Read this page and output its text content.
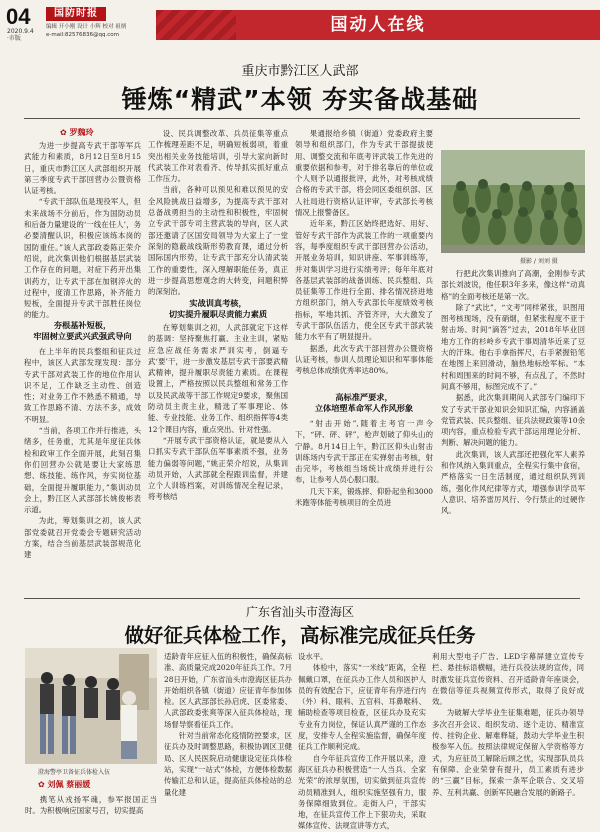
04
2020.9.4
·市版
国防时报
编辑 开小刚 设计 小辉 校对 祖炳
e-mail:82576836@qq.com	国动人在线
重庆市黔江区人武部
锤炼“精武”本领 夯实备战基础
✿ 罗魏玲

为进一步提高专武干部等军兵武能力和素质，8月12日至8月15日，重庆市黔江区人武部组织开展第三季度专武干部回营办公暨资格认证考核。

“专武干部队伍是现役军人，但未来战场不分前后，作为国防动员和后备力量建设的‘一线在任人’，务必要清醒认识，积极应该练本岗的国防重任。”该人武部政委陈正荣介绍说，此次集训他们根据基层武装工作存在的问题，对症下药开出集训药方，让专武干部在加钢淬火的过程中，度清工作思路，补齐能力短板，全面提升专武干部胜任岗位的能力。

夯根基补短板，
牢固树立要武兴武强武导向

在上半年的民兵整组和征兵过程中，该区人武部发现发现：部分专武干部对武装工作的地位作用认识不足，工作缺乏主动性、创造性；对业务工作不熟悉不精通，导致工作思路不清、方法不多，成效不明显。

“当前，各项工作并行推进，头绪多，任务重，尤其是年度征兵体检和政审工作全面开展，此刻召集你们回营办公就是要让大家练思想、练技能、练作风，夯实岗位基础，全面提升履职能力，”集训动员会上，黔江区人武部部长姚俊彬表示道。

为此，筹划集训之初，该人武部党委就召开党委会专题研究活动方案，结合当前基层武装部规范化建

设、民兵调整改革、兵员征集等重点工作梳理差距不足，明确短板弱项，着重突出相关业务技能培训，引导大家向新时代武装工作对表看齐、传导抓实抓好重点工作压力。

当前，各种可以预见和难以预见的安全风险挑战日益增多，为提高专武干部对总备战勇担当的主动性和积极性，牢固树立专武干部专司主营武装的导向，区人武部还邀请了区国安局领导为大家上了一堂深刻的隐蔽战线斯形势教育课，通过分析国际国内形势，让专武干部充分认清武装工作的重要性，深入理解职能任务，真正进一步提高思想观念的大转变，问题积弊的深刻治。

实战训真考核，
切实提升履职尽责能力素质

在筹划集训之初，人武部就定下这样的基调：坚持聚焦打赢、主业主训，紧贴应急应战任务需求严训实考，倒逼专武‘要’干，进一步激发基层专武干部要武精武精神，提升履职尽责能力素质。在课程设置上，严格按照以民兵整组和常务工作以及民武战等干部工作规定9要求，聚焦国防动员主责主业，精选了军事理论、体能、专业技能、业务工作、组织指挥等4类12个课目内容，重点突出、针对性强。

“开展专武干部资格认证，就是要从入口抓实专武干部队伍军事素质不强，业务能力偏弱等问题，”姚正荣介绍说，从集训动员开始，人武部就全程跟训监督，并建立个人训练档案，对训练情况全程记录，将考核结

果通报给乡镇（街道）党委政府主要领导和组织部门，作为专武干部提拔使用、调整交流和年底考评武装工作先进的重要依据和参考，对于排名靠后的单位或个人则予以通报批评，此外，对考核成绩合格的专武干部，将会同区委组织部、区人社局进行资格认证评审，专武部长考核情况上报警备区。

近年来，黔江区始终把选好、用好、管好专武干部作为武装工作的一项重要内容，每季度组织专武干部回营办公活动，开展业务培训，知识讲座、军事训练等，并对集训学习进行实绩考评；每年年底对各基层武装部的战备训练、民兵整组、兵员征集等工作进行全面、排名情况挤进地方组织部门，纳入专武部长年度绩效考核指标，军地共抓、齐管齐评，大大激发了专武干部队伍活力，使全区专武干部武装能力水平有了明显提升。

据悉，此次专武干部回营办公暨资格认证考核，参训人员理论知识和军事体能考核总体成绩优秀率达80%。

高标准严要求，
立体培塑革命军人作风形象

“射击开始”,随着主考官一声令下，“砰、砰、砰”，枪声划破了仰头山的宁静。8月14日上午，黔江区仰头山射击训练场内专武干部正在实弹射击考核，射击完毕，考核组当场统计成绩并进行公布，让参考人员心服口服。

几天下来，锻炼摔、仰卧起坐和3000米跑等体能考核项目的全员进

摄影 / 刘刘 摄

行把此次集训推向了高潮，金刚参专武部长刘波说，他任职3年多来，像这样“动真格”的全面考核还是第一次。

除了“武比”，“文考”同样紧张，识图用图考核现场，没有硝烟，但紧张程度不亚于射击场、时间“滴答”过去，2018年毕业回地方工作的杉岭乡专武干事周清华近来了豆大的汗珠。他右手拿指挥尺，右手紧握铅笔在地图上来回滑动，脑热地标绘军标。“本村和周围来的时间不够，有点乱了，不然时间真不够用，标图完成不了。”

据悉，此次集训期间人武部专门编印下发了专武干部业知识会知识汇编，内容涵盖党管武装、民兵整组、征兵法规政策等10余项内容，重点检验专武干部运用理论分析、判断、解决问题的能力。

此次集训，该人武部还把强化军人素养和作风纳入集训重点，全程实行集中食宿，严格落实一日生活制度，通过组织队列训练，强化作风纪律等方式，增强参训学员军人意识、培养雷厉风行、令行禁止的过硬作风。

广东省汕头市澄海区
做好征兵体检工作，高标准完成征兵任务
澄海警亭卫备征兵体检入伍
✿ 刘佩 蔡丽媛

携笔从戎扬军魂，参军报国正当时。为积极响应国家号召，切实提高

适龄青年应征入伍的积极性，确保高标准、高质量完成2020年征兵工作。7月28日开始，广东省汕头市澄海区征兵办开始组织各镇（街道）应征青年参加体检。区人武部部长孙启虎、区委常委、人武部政委张爽等深入征兵体检站，现场督导察看征兵工作。

针对当前常态化疫情防控要求，区征兵办及时调整思路，积极协调区卫健局、区人民医院启动健康设定征兵体检站，实现“一站式”体检，方便体检数据传输汇总和认证，提高征兵体检站的总量化建

设水平。

体检中，落实“一米线”距离，全程佩戴口罩，在征兵办工作人员和医护人员的有效配合下，应征青年有序进行内（外）科、眼科、五官科、耳鼻喉科、辅助检查等项目检查，区征兵办及充实专业有力岗位，保证认真严谨的工作态度，安排专人全程实施监督，确保年度征兵工作顺利完成。

自今年征兵宣传工作开展以来，澄海区征兵办积极营造“一人当兵、全家光荣”的浓厚氛围，切实做到征兵宣传动员精准到人，组织实施坚强有力，服务保障细致到位。走街入户，干部实地，在征兵宣传工作上下狠功夫，采取媒体宣传、法规宣讲等方式，

利用大型电子广告、LED字幕屏建立宣传专栏、悬挂标语横幅，进行兵役法规的宣传，同时激发征兵宣传资料、召开适龄青年座谈会，在微信等征兵视频宣传形式，取得了良好成效。

为破解大学毕业生征集难题，征兵办领导多次召开会议、组织发动、逐个走访、精准宣传、挂钩企业、解难释疑，鼓动大学毕业生积极参军入伍。按照法律规定保留入学资格等方式，为应征员工解除后顾之忧，实现部队员兵有保障、企业荣誉有提升，员工素质有进步的“三赢”目标，探索一条军企联合、交叉培养、互利共赢、创新军民融合发展的新路子。
